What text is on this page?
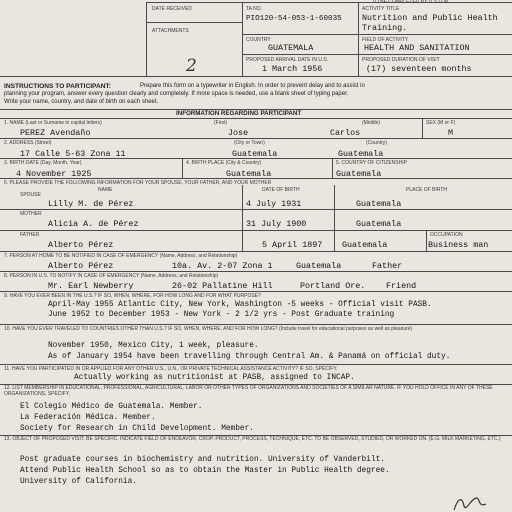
DATE RECEIVED
ATTACHMENTS
2
TA NO.
PIO120-54-053-1-60035
COUNTRY
GUATEMALA
PROPOSED ARRIVAL DATE IN U.S.
1 March 1956
TO BE COMPLETED BY U.S.O.M.
ACTIVITY TITLE
Nutrition and Public Health
Training.
FIELD OF ACTIVITY
HEALTH AND SANITATION
PROPOSED DURATION OF VISIT
(17) seventeen months
INSTRUCTIONS TO PARTICIPANT:	Prepare this form on a typewriter in English. In order to prevent delay and to assist in
planning your program, answer every question clearly and completely. If more space is needed, use a blank sheet of typing paper.
Write your name, country, and date of birth on each sheet.
INFORMATION REGARDING PARTICIPANT
1. NAME (Last or Surname in capital letters)	(First)	(Middle)	SEX (M or F)
PEREZ Avendaño	Jose	Carlos	M
2. ADDRESS (Street)	(City or Town)	(Country)
17 Calle 5-63 Zona 11	Guatemala	Guatemala
3. BIRTH DATE (Day, Month, Year)	4. BIRTH PLACE (City & Country)	5. COUNTRY OF CITIZENSHIP
4 November 1925	Guatemala	Guatemala
6. PLEASE PROVIDE THE FOLLOWING INFORMATION FOR YOUR SPOUSE, YOUR FATHER, AND YOUR MOTHER
NAME	DATE OF BIRTH	PLACE OF BIRTH
SPOUSE
Lilly M. de Pérez	4 July 1931	Guatemala
MOTHER
Alicia A. de Pérez	31 July 1900	Guatemala
FATHER	OCCUPATION
Alberto Pérez	5 April 1897 Guatemala	Business man
7. PERSON AT HOME TO BE NOTIFIED IN CASE OF EMERGENCY (Name, Address, and Relationship)
Alberto Pérez	10a. Av. 2-07 Zona 1	Guatemala	Father
8. PERSON IN U.S. TO NOTIFY IN CASE OF EMERGENCY (Name, Address, and Relationship)
Mr. Earl Newberry	26-02 Pallatine Hill	Portland Ore. Friend
9. HAVE YOU EVER BEEN IN THE U.S.? IF SO, WHEN, WHERE, FOR HOW LONG AND FOR WHAT PURPOSE?
April-May 1955 Atlantic City, New York, Washington -5 weeks - Official visit PASB.
June 1952 to December 1953 - New York - 2 1/2 yrs - Post Graduate training
10. HAVE YOU EVER TRAVELED TO COUNTRIES OTHER THAN U.S.? IF SO, WHEN, WHERE, AND FOR HOW LONG? (Include travel for educational purposes as well as pleasure)
November 1950, Mexico City, 1 week, pleasure.
As of January 1954 have been travelling through Central Am. & Panamá on official duty.
11. HAVE YOU PARTICIPATED IN OR APPLIED FOR ANY OTHER U.S., U.N., OR PRIVATE TECHNICAL ASSISTANCE ACTIVITY? IF SO, SPECIFY.
Actually working as nutritionist at PASB, assigned to INCAP.
12. LIST MEMBERSHIP IN EDUCATIONAL, PROFESSIONAL, AGRICULTURAL, LABOR OR OTHER TYPES OF ORGANIZATIONS AND SOCIETIES OF A SIMILAR NATURE. IF YOU HOLD OFFICE IN ANY OF THESE ORGANIZATIONS, SPECIFY.
El Colegio Médico de Guatemala. Member.
La Federación Médica. Member.
Society for Research in Child Development. Member.
13. OBJECT OF PROPOSED VISIT. BE SPECIFIC. INDICATE FIELD OF ENDEAVOR, CROP, PRODUCT, PROCESS, TECHNIQUE, ETC. TO BE OBSERVED, STUDIED, OR WORKED ON. (E.G. MILK MARKETING, ETC.)
Post graduate courses in biochemistry and nutrition. University of Vanderbilt.
Attend Public Health School so as to obtain the Master in Public Health degree.
University of California.
